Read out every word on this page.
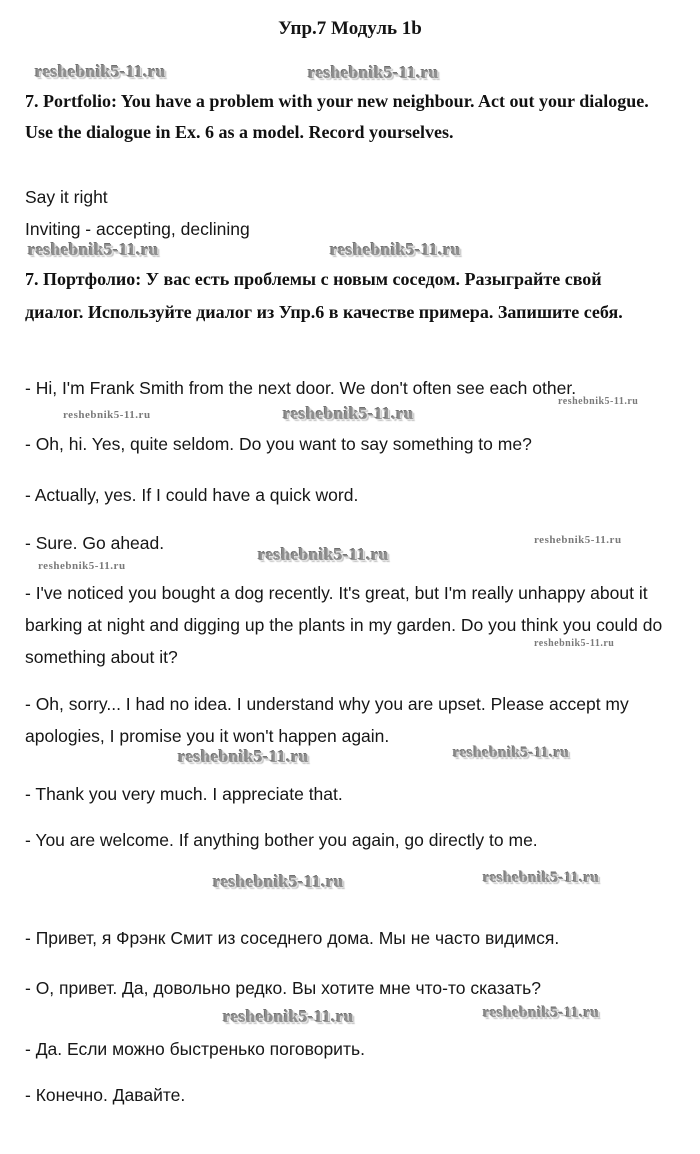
Упр.7 Модуль 1b
reshebnik5-11.ru	reshebnik5-11.ru
7. Portfolio: You have a problem with your new neighbour. Act out your dialogue. Use the dialogue in Ex. 6 as a model. Record yourselves.
Say it right
Inviting - accepting, declining
reshebnik5-11.ru	reshebnik5-11.ru
7. Портфолио: У вас есть проблемы с новым соседом. Разыграйте свой диалог. Используйте диалог из Упр.6 в качестве примера. Запишите себя.
- Hi, I'm Frank Smith from the next door. We don't often see each other.
reshebnik5-11.ru
reshebnik5-11.ru
reshebnik5-11.ru
- Oh, hi. Yes, quite seldom. Do you want to say something to me?
- Actually, yes. If I could have a quick word.
- Sure. Go ahead.	reshebnik5-11.ru
reshebnik5-11.ru
reshebnik5-11.ru
- I've noticed you bought a dog recently. It's great, but I'm really unhappy about it barking at night and digging up the plants in my garden. Do you think you could do something about it?
reshebnik5-11.ru
- Oh, sorry... I had no idea. I understand why you are upset. Please accept my apologies, I promise you it won't happen again.
reshebnik5-11.ru	reshebnik5-11.ru
- Thank you very much. I appreciate that.
- You are welcome. If anything bother you again, go directly to me.
reshebnik5-11.ru	reshebnik5-11.ru
- Привет, я Фрэнк Смит из соседнего дома. Мы не часто видимся.
- О, привет. Да, довольно редко. Вы хотите мне что-то сказать?
reshebnik5-11.ru	reshebnik5-11.ru
- Да. Если можно быстренько поговорить.
- Конечно. Давайте.
